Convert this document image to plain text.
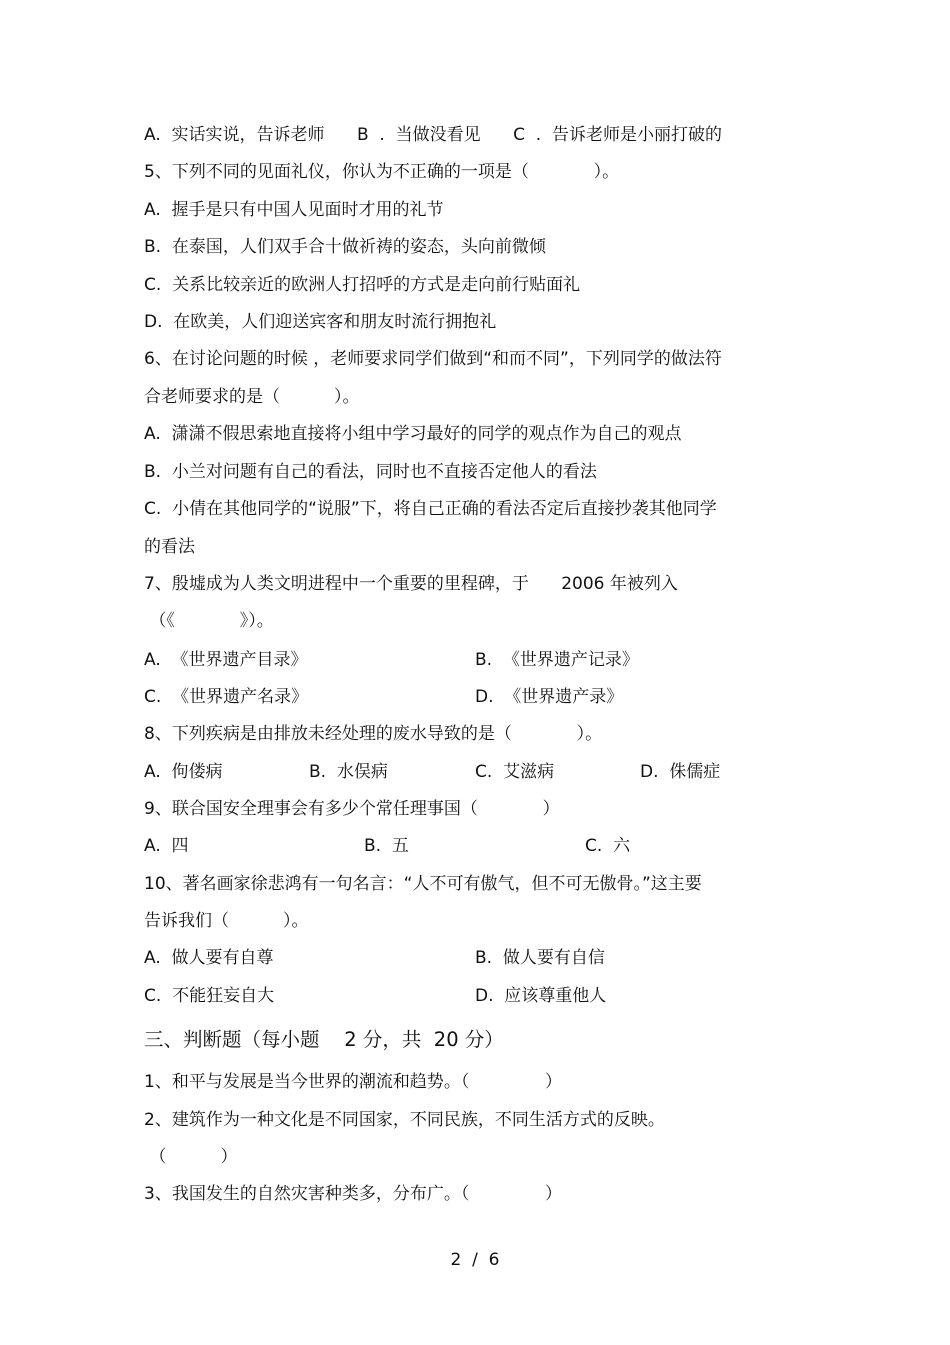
A.  实话实说，告诉老师      B  .  当做没看见      C  .  告诉老师是小丽打破的
5、下列不同的见面礼仪，你认为不正确的一项是（            ）。
A.  握手是只有中国人见面时才用的礼节
B.  在泰国，人们双手合十做祈祷的姿态，头向前微倾
C.  关系比较亲近的欧洲人打招呼的方式是走向前行贴面礼
D.  在欧美，人们迎送宾客和朋友时流行拥抱礼
6、在讨论问题的时候 ，老师要求同学们做到“和而不同”，下列同学的做法符
合老师要求的是（          ）。
A.  潇潇不假思索地直接将小组中学习最好的同学的观点作为自己的观点
B.  小兰对问题有自己的看法，同时也不直接否定他人的看法
C.  小倩在其他同学的“说服”下，将自己正确的看法否定后直接抄袭其他同学
的看法
7、殷墟成为人类文明进程中一个重要的里程碑，于      2006 年被列入
（《            》）。
A.  《世界遗产目录》	B.  《世界遗产记录》
C.  《世界遗产名录》	D.  《世界遗产录》
8、下列疾病是由排放未经处理的废水导致的是（            ）。
A.  佝偻病	B.  水俣病	C.  艾滋病	D.  侏儒症
9、联合国安全理事会有多少个常任理事国（            ）
A.  四	B.  五	C.  六
10、著名画家徐悲鸿有一句名言：“人不可有傲气，但不可无傲骨。”这主要
告诉我们（          ）。
A.  做人要有自尊	B.  做人要有自信
C.  不能狂妄自大	D.  应该尊重他人
三、判断题（每小题    2 分，共  20 分）
1、和平与发展是当今世界的潮流和趋势。（              ）
2、建筑作为一种文化是不同国家，不同民族，不同生活方式的反映。
（          ）
3、我国发生的自然灾害种类多，分布广。（              ）
2  /  6
